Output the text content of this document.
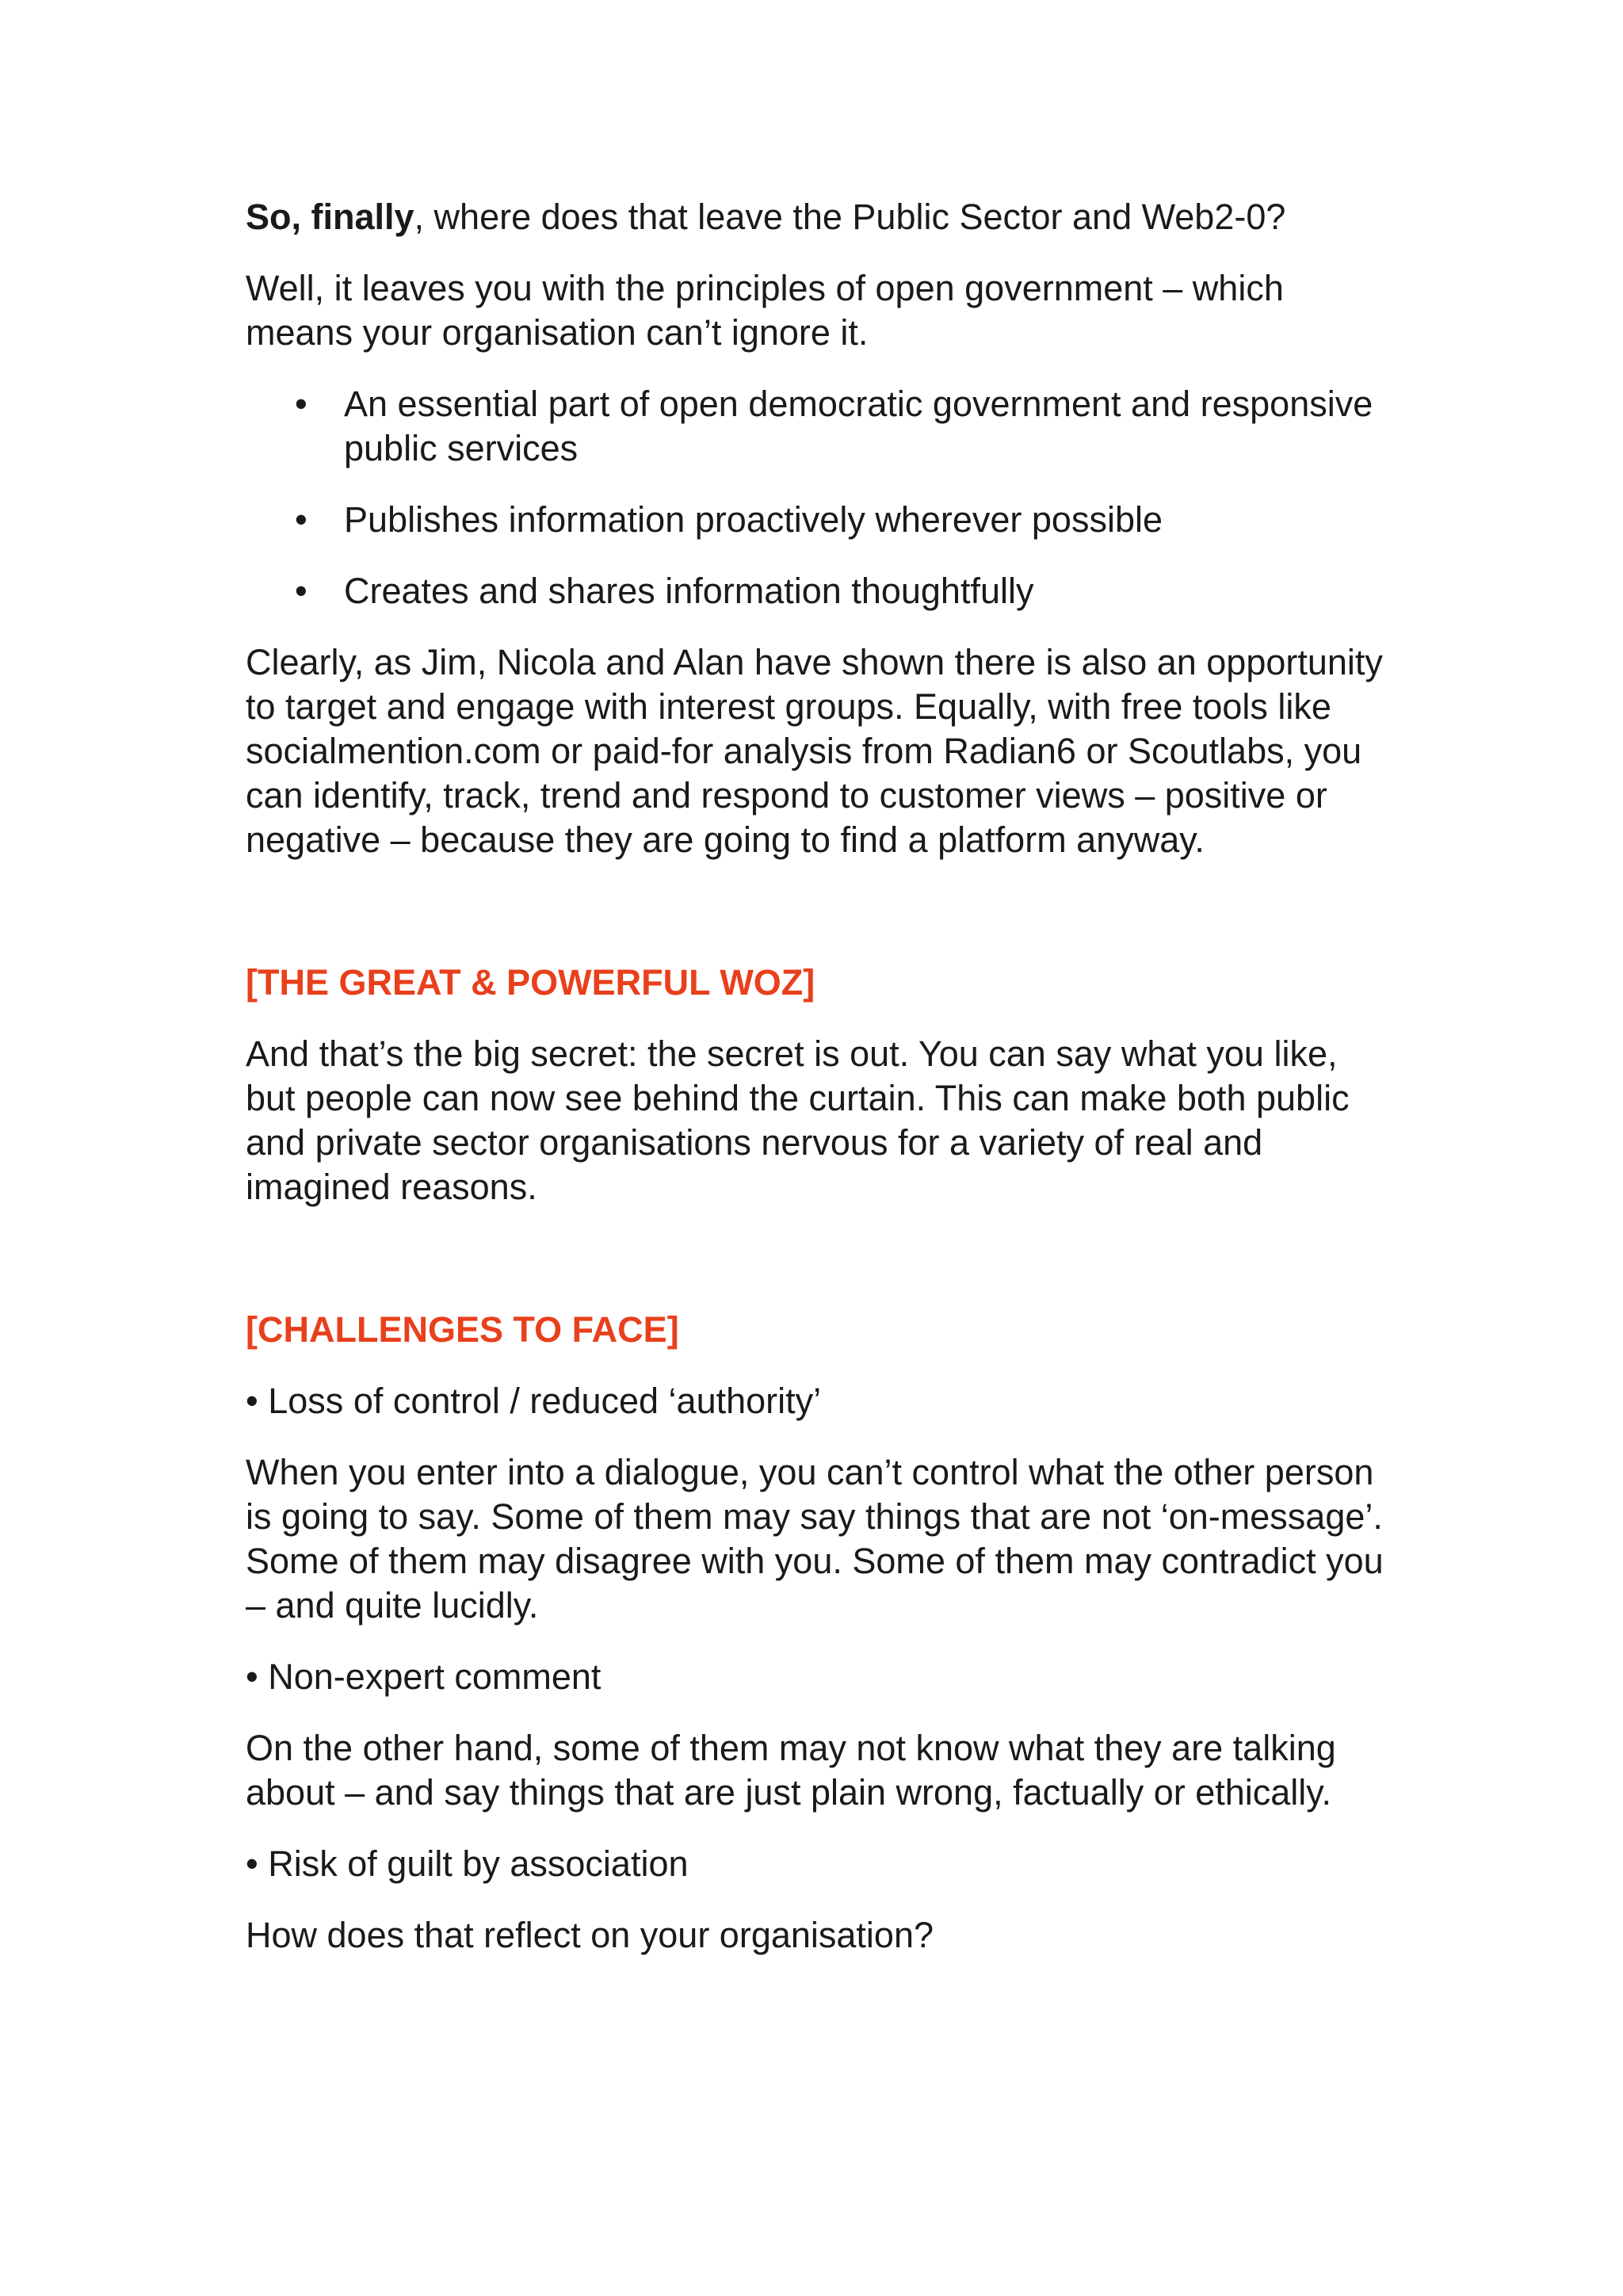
So, finally, where does that leave the Public Sector and Web2-0?

Well, it leaves you with the principles of open government – which means your organisation can’t ignore it.

• An essential part of open democratic government and responsive public services
• Publishes information proactively wherever possible
• Creates and shares information thoughtfully

Clearly, as Jim, Nicola and Alan have shown there is also an opportunity to target and engage with interest groups. Equally, with free tools like socialmention.com or paid-for analysis from Radian6 or Scoutlabs, you can identify, track, trend and respond to customer views – positive or negative – because they are going to find a platform anyway.

[THE GREAT & POWERFUL WOZ]

And that’s the big secret: the secret is out. You can say what you like, but people can now see behind the curtain. This can make both public and private sector organisations nervous for a variety of real and imagined reasons.

[CHALLENGES TO FACE]

• Loss of control / reduced ‘authority’

When you enter into a dialogue, you can’t control what the other person is going to say. Some of them may say things that are not ‘on-message’. Some of them may disagree with you. Some of them may contradict you – and quite lucidly.

• Non-expert comment

On the other hand, some of them may not know what they are talking about – and say things that are just plain wrong, factually or ethically.

• Risk of guilt by association

How does that reflect on your organisation?
